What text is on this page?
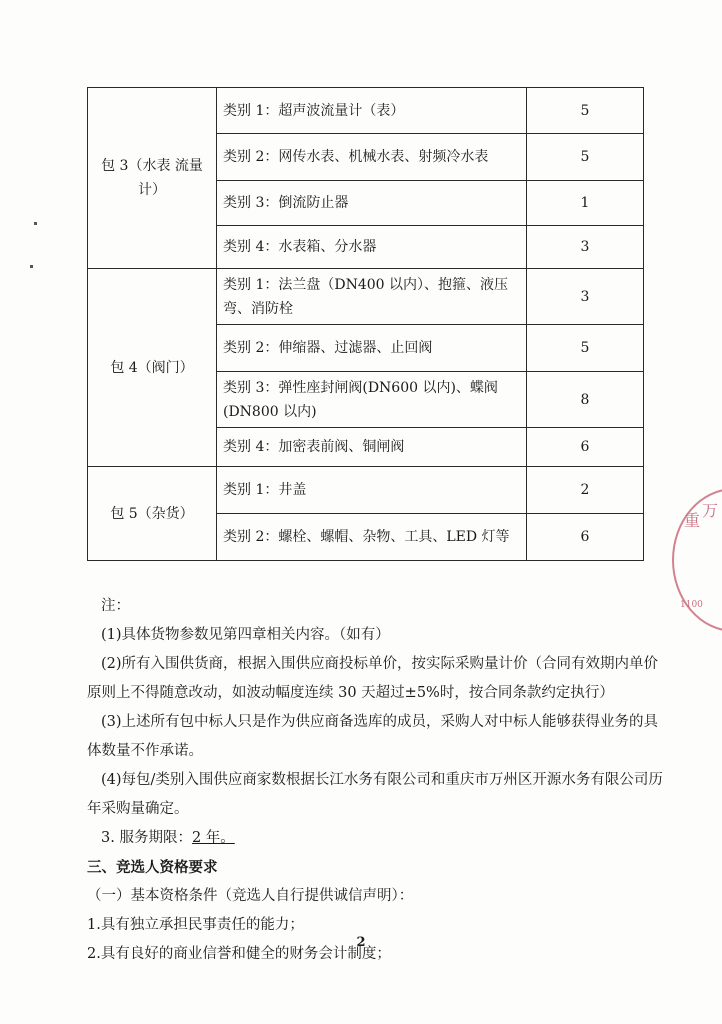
包 3（水表 流量计）	类别 1：超声波流量计（表）	5
	类别 2：网传水表、机械水表、射频冷水表	5
	类别 3：倒流防止器	1
	类别 4：水表箱、分水器	3
包 4（阀门）	类别 1：法兰盘（DN400 以内）、抱箍、液压弯、消防栓	3
	类别 2：伸缩器、过滤器、止回阀	5
	类别 3：弹性座封闸阀(DN600 以内)、蝶阀(DN800 以内)	8
	类别 4：加密表前阀、铜闸阀	6
包 5（杂货）	类别 1：井盖	2
	类别 2：螺栓、螺帽、杂物、工具、LED 灯等	6

注：

(1)具体货物参数见第四章相关内容。（如有）

(2)所有入围供货商，根据入围供应商投标单价，按实际采购量计价（合同有效期内单价原则上不得随意改动，如波动幅度连续 30 天超过±5%时，按合同条款约定执行）

(3)上述所有包中标人只是作为供应商备选库的成员，采购人对中标人能够获得业务的具体数量不作承诺。

(4)每包/类别入围供应商家数根据长江水务有限公司和重庆市万州区开源水务有限公司历年采购量确定。

3. 服务期限：2 年。

三、竞选人资格要求

（一）基本资格条件（竞选人自行提供诚信声明）：

1.具有独立承担民事责任的能力；

2.具有良好的商业信誉和健全的财务会计制度；

2
重
万
1100
